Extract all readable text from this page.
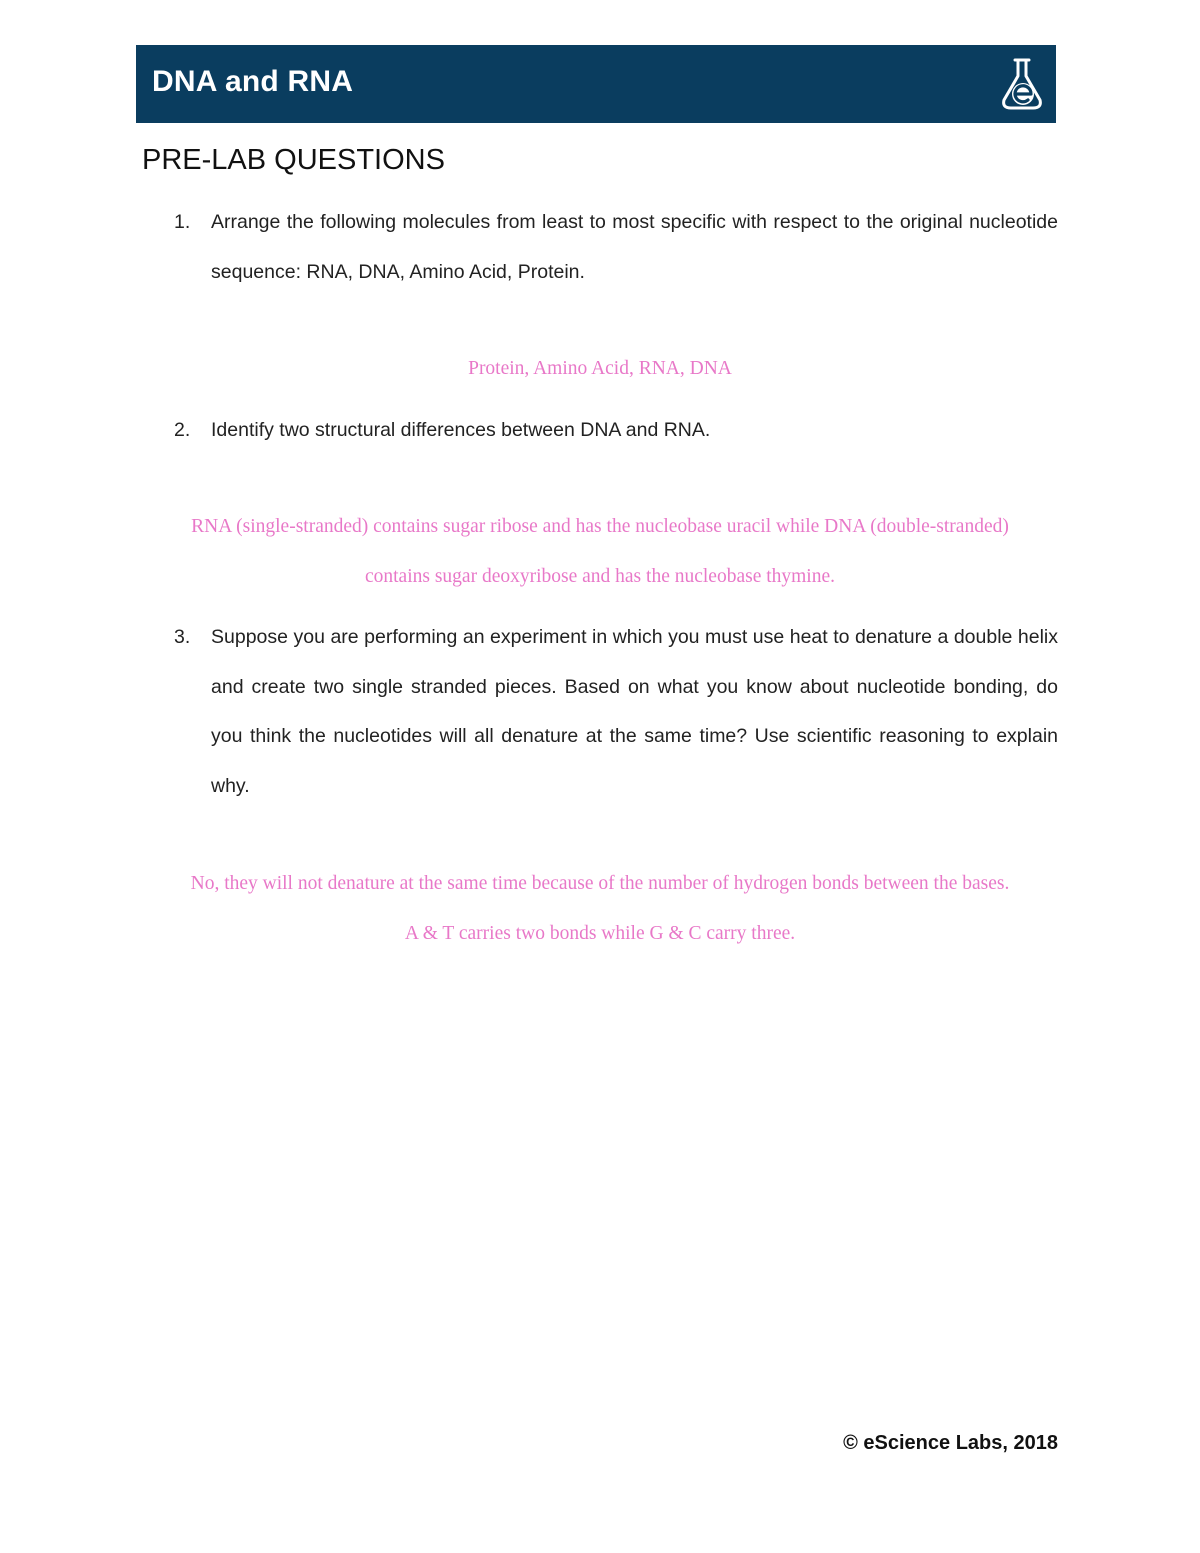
DNA and RNA
PRE-LAB QUESTIONS
1.	Arrange the following molecules from least to most specific with respect to the original nucleotide sequence: RNA, DNA, Amino Acid, Protein.
Protein, Amino Acid, RNA, DNA
2.	Identify two structural differences between DNA and RNA.
RNA (single-stranded) contains sugar ribose and has the nucleobase uracil while DNA (double-stranded)
contains sugar deoxyribose and has the nucleobase thymine.
3.	Suppose you are performing an experiment in which you must use heat to denature a double helix and create two single stranded pieces. Based on what you know about nucleotide bonding, do you think the nucleotides will all denature at the same time? Use scientific reasoning to explain why.
No, they will not denature at the same time because of the number of hydrogen bonds between the bases.
A & T carries two bonds while G & C carry three.
© eScience Labs, 2018
